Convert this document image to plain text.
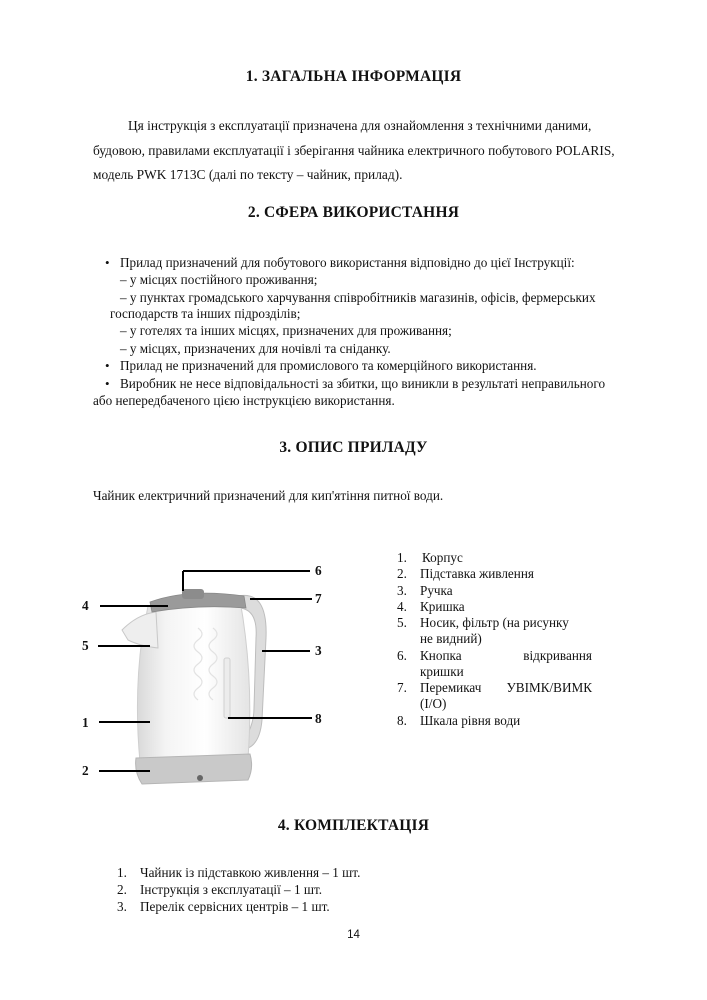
1. ЗАГАЛЬНА ІНФОРМАЦІЯ
Ця інструкція з експлуатації призначена для ознайомлення з технічними даними,
будовою, правилами експлуатації і зберігання чайника електричного побутового POLARIS,
модель PWK 1713C (далі по тексту – чайник, прилад).
2. СФЕРА ВИКОРИСТАННЯ
• Прилад призначений для побутового використання відповідно до цієї Інструкції:
– у місцях постійного проживання;
– у пунктах громадського харчування співробітників магазинів, офісів, фермерських
господарств та інших підрозділів;
– у готелях та інших місцях, призначених для проживання;
– у місцях, призначених для ночівлі та сніданку.
• Прилад не призначений для промислового та комерційного використання.
• Виробник не несе відповідальності за збитки, що виникли в результаті неправильного
або непередбаченого цією інструкцією використання.
3. ОПИС ПРИЛАДУ
Чайник електричний призначений для кип'ятіння питної води.
6
7
4
5	3
1	8
2
1. Корпус
2. Підставка живлення
3. Ручка
4. Кришка
5. Носик, фільтр (на рисунку
не видний)
6. Кнопка	відкривання
кришки
7. Перемикач УВІМК/ВИМК
(I/O)
8. Шкала рівня води
4. КОМПЛЕКТАЦІЯ
1. Чайник із підставкою живлення – 1 шт.
2. Інструкція з експлуатації – 1 шт.
3. Перелік сервісних центрів – 1 шт.
14
